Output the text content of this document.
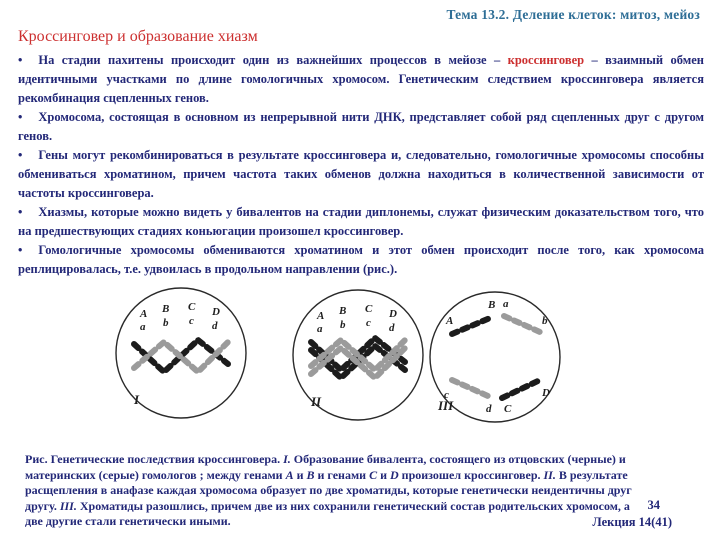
Тема 13.2. Деление клеток: митоз, мейоз
Кроссинговер и образование хиазм

• На стадии пахитены происходит один из важнейших процессов в мейозе – кроссинговер – взаимный обмен идентичными участками по длине гомологичных хромосом. Генетическим следствием кроссинговера является рекомбинация сцепленных генов.

• Хромосома, состоящая в основном из непрерывной нити ДНК, представляет собой ряд сцепленных друг с другом генов.

• Гены могут рекомбинироваться в результате кроссинговера и, следовательно, гомологичные хромосомы способны обмениваться хроматином, причем частота таких обменов должна находиться в количественной зависимости от частоты кроссинговера.

• Хиазмы, которые можно видеть у бивалентов на стадии диплонемы, служат физическим доказательством того, что на предшествующих стадиях коньюгации произошел кроссинговер.

• Гомологичные хромосомы обмениваются хроматином и этот обмен происходит после того, как хромосома реплицировалась, т.е. удвоилась в продольном направлении (рис.).

A B C D
a b c d
I
A B C D
a b c d
II
A
B a
b
c
d C
D
III
Рис. Генетические последствия кроссинговера. I. Образование бивалента, состоящего из отцовских (черные) и материнских (серые) гомологов ; между генами A и B и генами C и D произошел кроссинговер. II. В результате расщепления в анафазе каждая хромосома образует по две хроматиды, которые генетически неидентичны друг другу. III. Хроматиды разошлись, причем две из них сохранили генетический состав родительских хромосом, а две другие стали генетически иными.
34
Лекция 14(41)
